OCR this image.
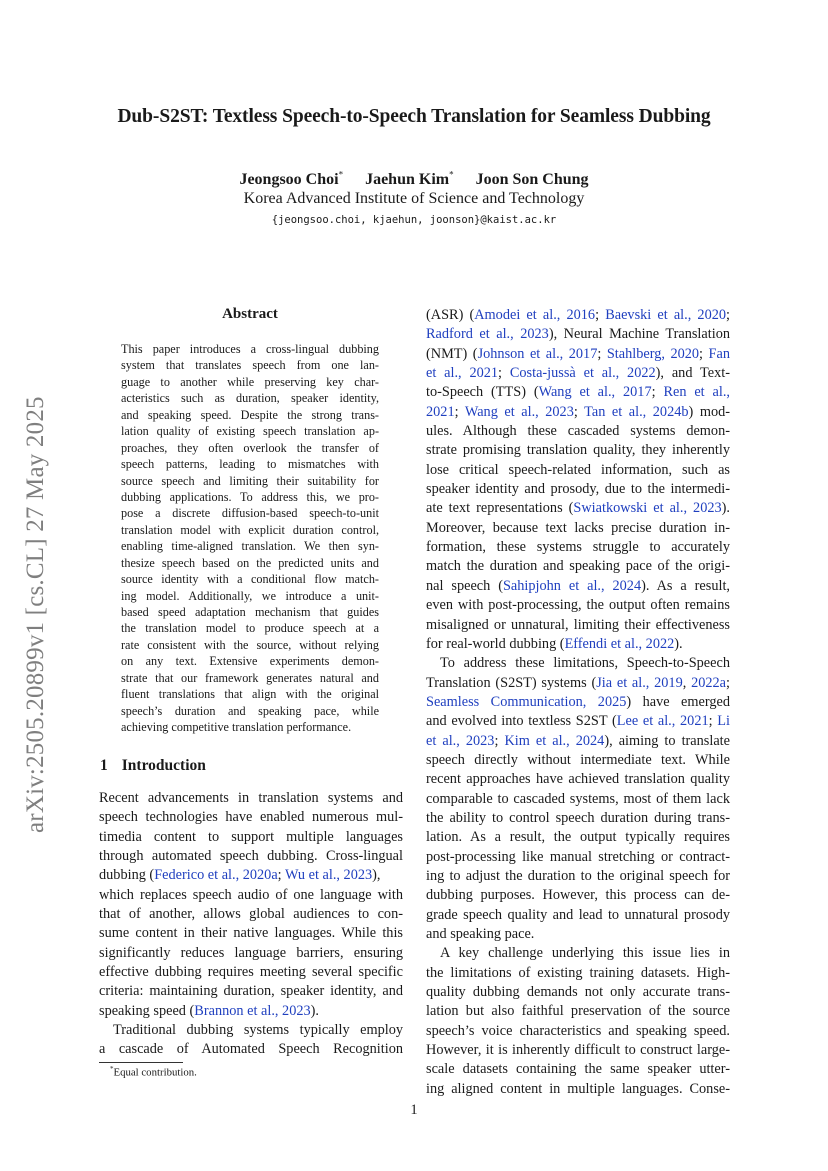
Dub-S2ST: Textless Speech-to-Speech Translation for Seamless Dubbing
Jeongsoo Choi* Jaehun Kim* Joon Son Chung
Korea Advanced Institute of Science and Technology
{jeongsoo.choi, kjaehun, joonson}@kaist.ac.kr
arXiv:2505.20899v1 [cs.CL] 27 May 2025
Abstract
This paper introduces a cross-lingual dubbing
system that translates speech from one lan-
guage to another while preserving key char-
acteristics such as duration, speaker identity,
and speaking speed. Despite the strong trans-
lation quality of existing speech translation ap-
proaches, they often overlook the transfer of
speech patterns, leading to mismatches with
source speech and limiting their suitability for
dubbing applications. To address this, we pro-
pose a discrete diffusion-based speech-to-unit
translation model with explicit duration control,
enabling time-aligned translation. We then syn-
thesize speech based on the predicted units and
source identity with a conditional flow match-
ing model. Additionally, we introduce a unit-
based speed adaptation mechanism that guides
the translation model to produce speech at a
rate consistent with the source, without relying
on any text. Extensive experiments demon-
strate that our framework generates natural and
fluent translations that align with the original
speech’s duration and speaking pace, while
achieving competitive translation performance.
1 Introduction
Recent advancements in translation systems and
speech technologies have enabled numerous mul-
timedia content to support multiple languages
through automated speech dubbing. Cross-lingual
dubbing (Federico et al., 2020a; Wu et al., 2023),
which replaces speech audio of one language with
that of another, allows global audiences to con-
sume content in their native languages. While this
significantly reduces language barriers, ensuring
effective dubbing requires meeting several specific
criteria: maintaining duration, speaker identity, and
speaking speed (Brannon et al., 2023).
Traditional dubbing systems typically employ
a cascade of Automated Speech Recognition
(ASR) (Amodei et al., 2016; Baevski et al., 2020;
Radford et al., 2023), Neural Machine Translation
(NMT) (Johnson et al., 2017; Stahlberg, 2020; Fan
et al., 2021; Costa-jussà et al., 2022), and Text-
to-Speech (TTS) (Wang et al., 2017; Ren et al.,
2021; Wang et al., 2023; Tan et al., 2024b) mod-
ules. Although these cascaded systems demon-
strate promising translation quality, they inherently
lose critical speech-related information, such as
speaker identity and prosody, due to the intermedi-
ate text representations (Swiatkowski et al., 2023).
Moreover, because text lacks precise duration in-
formation, these systems struggle to accurately
match the duration and speaking pace of the origi-
nal speech (Sahipjohn et al., 2024). As a result,
even with post-processing, the output often remains
misaligned or unnatural, limiting their effectiveness
for real-world dubbing (Effendi et al., 2022).
To address these limitations, Speech-to-Speech
Translation (S2ST) systems (Jia et al., 2019, 2022a;
Seamless Communication, 2025) have emerged
and evolved into textless S2ST (Lee et al., 2021; Li
et al., 2023; Kim et al., 2024), aiming to translate
speech directly without intermediate text. While
recent approaches have achieved translation quality
comparable to cascaded systems, most of them lack
the ability to control speech duration during trans-
lation. As a result, the output typically requires
post-processing like manual stretching or contract-
ing to adjust the duration to the original speech for
dubbing purposes. However, this process can de-
grade speech quality and lead to unnatural prosody
and speaking pace.
A key challenge underlying this issue lies in
the limitations of existing training datasets. High-
quality dubbing demands not only accurate trans-
lation but also faithful preservation of the source
speech’s voice characteristics and speaking speed.
However, it is inherently difficult to construct large-
scale datasets containing the same speaker utter-
ing aligned content in multiple languages. Conse-
*Equal contribution.
1
